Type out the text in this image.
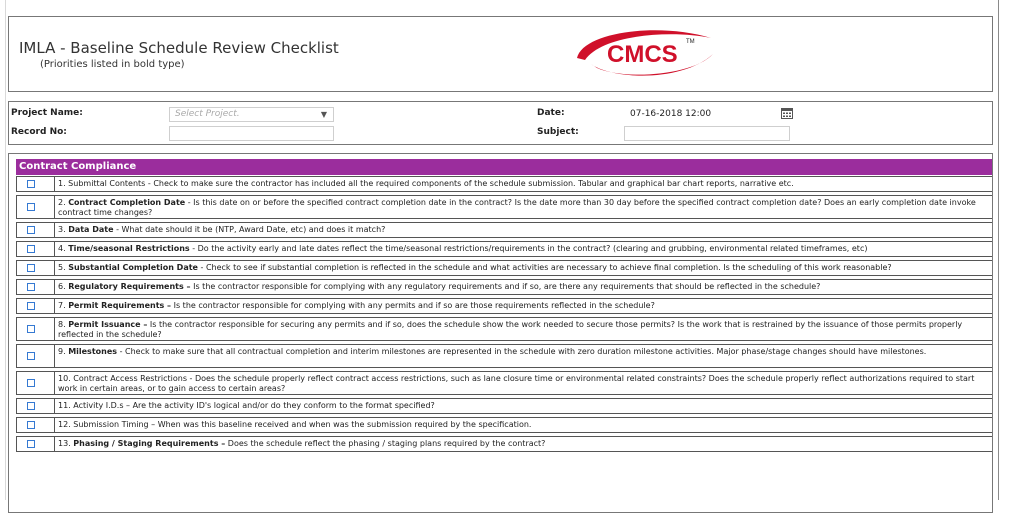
IMLA - Baseline Schedule Review Checklist
(Priorities listed in bold type)	CMCS TM
Project Name:	Select Project.	▼
Record No:
Date:	07-16-2018 12:00
Subject:
Contract Compliance
1. Submittal Contents - Check to make sure the contractor has included all the required components of the schedule submission. Tabular and graphical bar chart reports, narrative etc.
2. Contract Completion Date - Is this date on or before the specified contract completion date in the contract? Is the date more than 30 day before the specified contract completion date? Does an early completion date invoke contract time changes?
3. Data Date - What date should it be (NTP, Award Date, etc) and does it match?
4. Time/seasonal Restrictions - Do the activity early and late dates reflect the time/seasonal restrictions/requirements in the contract? (clearing and grubbing, environmental related timeframes, etc)
5. Substantial Completion Date - Check to see if substantial completion is reflected in the schedule and what activities are necessary to achieve final completion. Is the scheduling of this work reasonable?
6. Regulatory Requirements – Is the contractor responsible for complying with any regulatory requirements and if so, are there any requirements that should be reflected in the schedule?
7. Permit Requirements – Is the contractor responsible for complying with any permits and if so are those requirements reflected in the schedule?
8. Permit Issuance – Is the contractor responsible for securing any permits and if so, does the schedule show the work needed to secure those permits? Is the work that is restrained by the issuance of those permits properly reflected in the schedule?
9. Milestones - Check to make sure that all contractual completion and interim milestones are represented in the schedule with zero duration milestone activities. Major phase/stage changes should have milestones.
10. Contract Access Restrictions - Does the schedule properly reflect contract access restrictions, such as lane closure time or environmental related constraints? Does the schedule properly reflect authorizations required to start work in certain areas, or to gain access to certain areas?
11. Activity I.D.s – Are the activity ID's logical and/or do they conform to the format specified?
12. Submission Timing – When was this baseline received and when was the submission required by the specification.
13. Phasing / Staging Requirements – Does the schedule reflect the phasing / staging plans required by the contract?
